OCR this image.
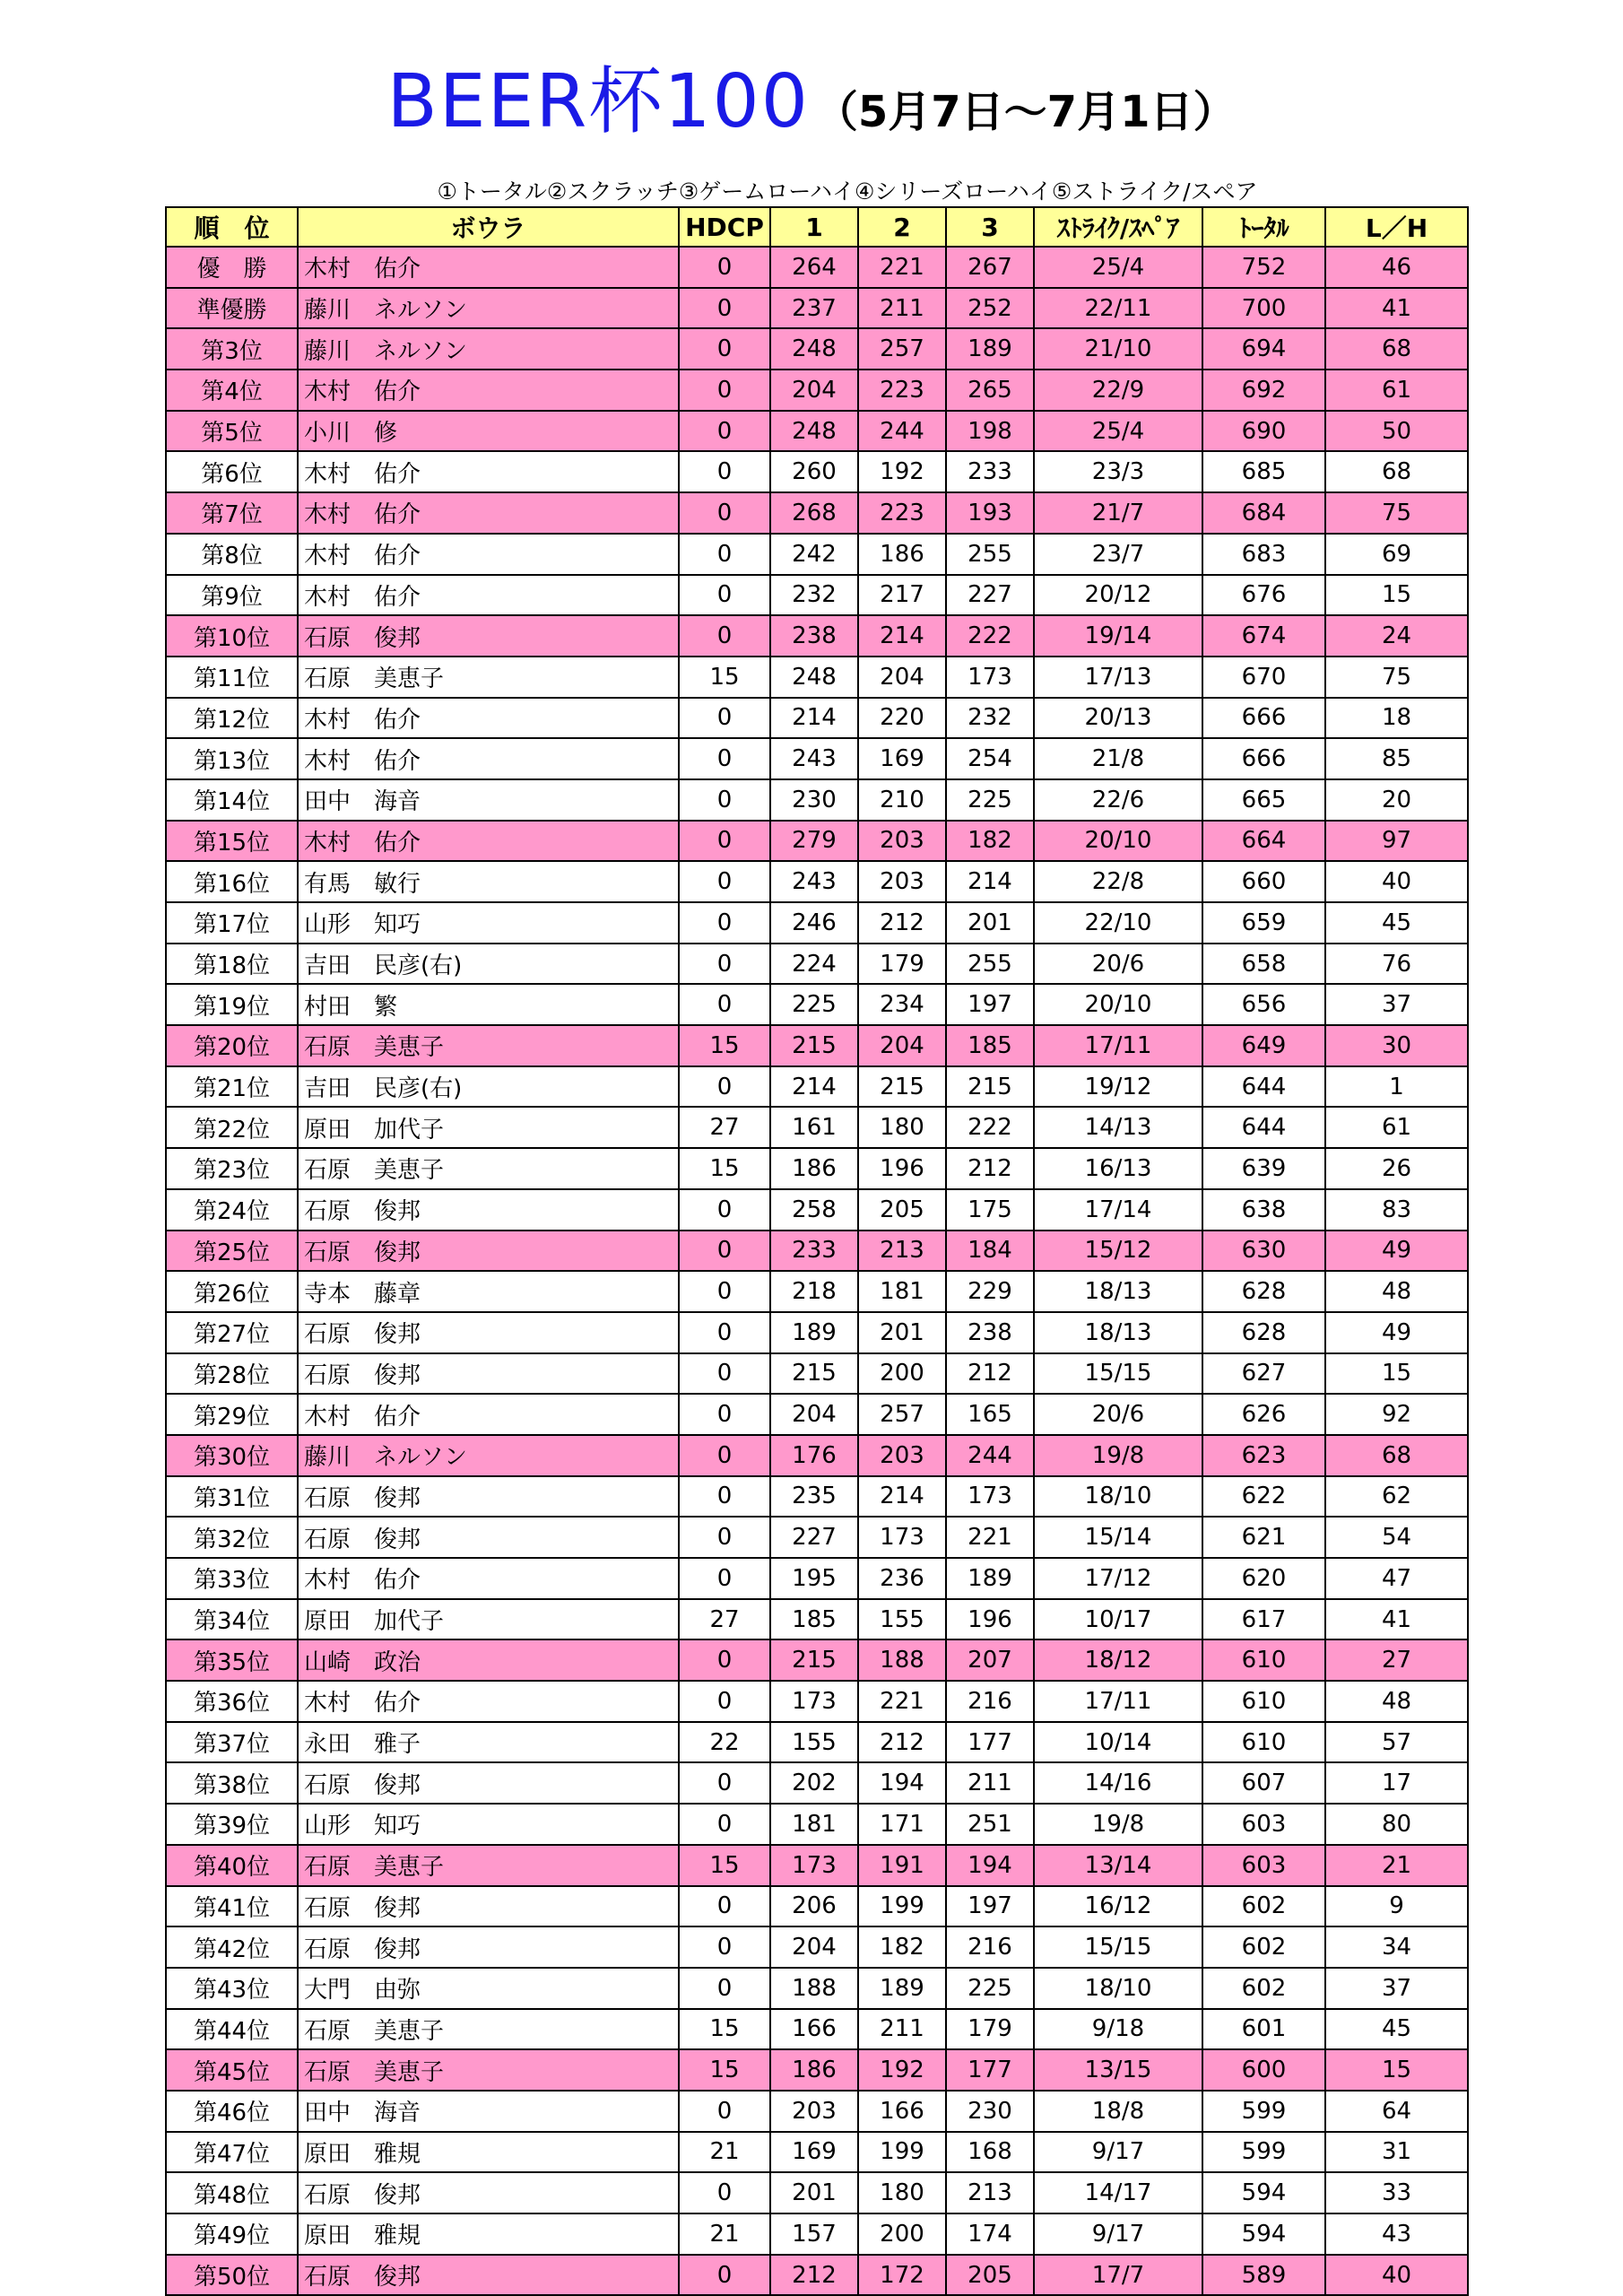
BEER杯100 （5月7日～7月1日）
①トータル②スクラッチ③ゲームローハイ④シリーズローハイ⑤ストライク/スペア
順　位	ボウラ	HDCP	1	2	3	ｽﾄﾗｲｸ/ｽﾍﾟｱ	ﾄｰﾀﾙ	L／H
優　勝	木村　佑介	0	264	221	267	25/4	752	46
準優勝	藤川　ネルソン	0	237	211	252	22/11	700	41
第3位	藤川　ネルソン	0	248	257	189	21/10	694	68
第4位	木村　佑介	0	204	223	265	22/9	692	61
第5位	小川　修	0	248	244	198	25/4	690	50
第6位	木村　佑介	0	260	192	233	23/3	685	68
第7位	木村　佑介	0	268	223	193	21/7	684	75
第8位	木村　佑介	0	242	186	255	23/7	683	69
第9位	木村　佑介	0	232	217	227	20/12	676	15
第10位	石原　俊邦	0	238	214	222	19/14	674	24
第11位	石原　美恵子	15	248	204	173	17/13	670	75
第12位	木村　佑介	0	214	220	232	20/13	666	18
第13位	木村　佑介	0	243	169	254	21/8	666	85
第14位	田中　海音	0	230	210	225	22/6	665	20
第15位	木村　佑介	0	279	203	182	20/10	664	97
第16位	有馬　敏行	0	243	203	214	22/8	660	40
第17位	山形　知巧	0	246	212	201	22/10	659	45
第18位	吉田　民彦(右)	0	224	179	255	20/6	658	76
第19位	村田　繁	0	225	234	197	20/10	656	37
第20位	石原　美恵子	15	215	204	185	17/11	649	30
第21位	吉田　民彦(右)	0	214	215	215	19/12	644	1
第22位	原田　加代子	27	161	180	222	14/13	644	61
第23位	石原　美恵子	15	186	196	212	16/13	639	26
第24位	石原　俊邦	0	258	205	175	17/14	638	83
第25位	石原　俊邦	0	233	213	184	15/12	630	49
第26位	寺本　藤章	0	218	181	229	18/13	628	48
第27位	石原　俊邦	0	189	201	238	18/13	628	49
第28位	石原　俊邦	0	215	200	212	15/15	627	15
第29位	木村　佑介	0	204	257	165	20/6	626	92
第30位	藤川　ネルソン	0	176	203	244	19/8	623	68
第31位	石原　俊邦	0	235	214	173	18/10	622	62
第32位	石原　俊邦	0	227	173	221	15/14	621	54
第33位	木村　佑介	0	195	236	189	17/12	620	47
第34位	原田　加代子	27	185	155	196	10/17	617	41
第35位	山崎　政治	0	215	188	207	18/12	610	27
第36位	木村　佑介	0	173	221	216	17/11	610	48
第37位	永田　雅子	22	155	212	177	10/14	610	57
第38位	石原　俊邦	0	202	194	211	14/16	607	17
第39位	山形　知巧	0	181	171	251	19/8	603	80
第40位	石原　美恵子	15	173	191	194	13/14	603	21
第41位	石原　俊邦	0	206	199	197	16/12	602	9
第42位	石原　俊邦	0	204	182	216	15/15	602	34
第43位	大門　由弥	0	188	189	225	18/10	602	37
第44位	石原　美恵子	15	166	211	179	9/18	601	45
第45位	石原　美恵子	15	186	192	177	13/15	600	15
第46位	田中　海音	0	203	166	230	18/8	599	64
第47位	原田　雅規	21	169	199	168	9/17	599	31
第48位	石原　俊邦	0	201	180	213	14/17	594	33
第49位	原田　雅規	21	157	200	174	9/17	594	43
第50位	石原　俊邦	0	212	172	205	17/7	589	40
